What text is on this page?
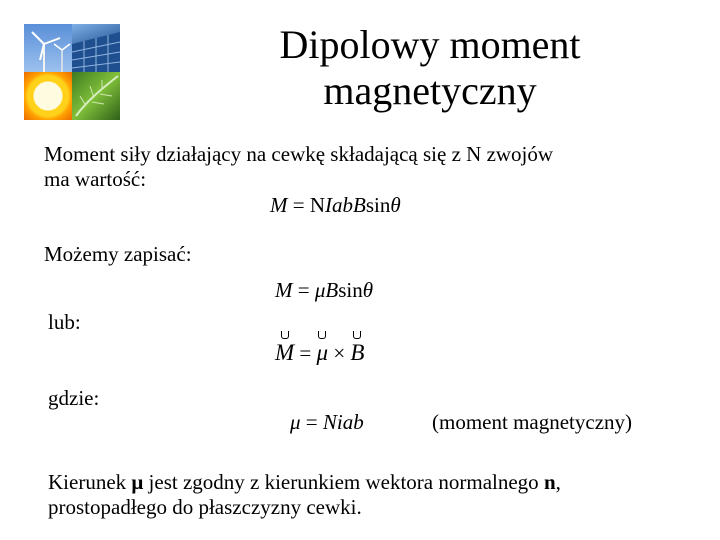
Dipolowy moment
magnetyczny
Moment siły działający na cewkę składającą się z N zwojów
ma wartość:
M = NIabBsinθ
Możemy zapisać:
M = μBsinθ
lub:
M =
μ ×
B
gdzie:
μ = Niab	(moment magnetyczny)
Kierunek μ jest zgodny z kierunkiem wektora normalnego n,
prostopadłego do płaszczyzny cewki.
